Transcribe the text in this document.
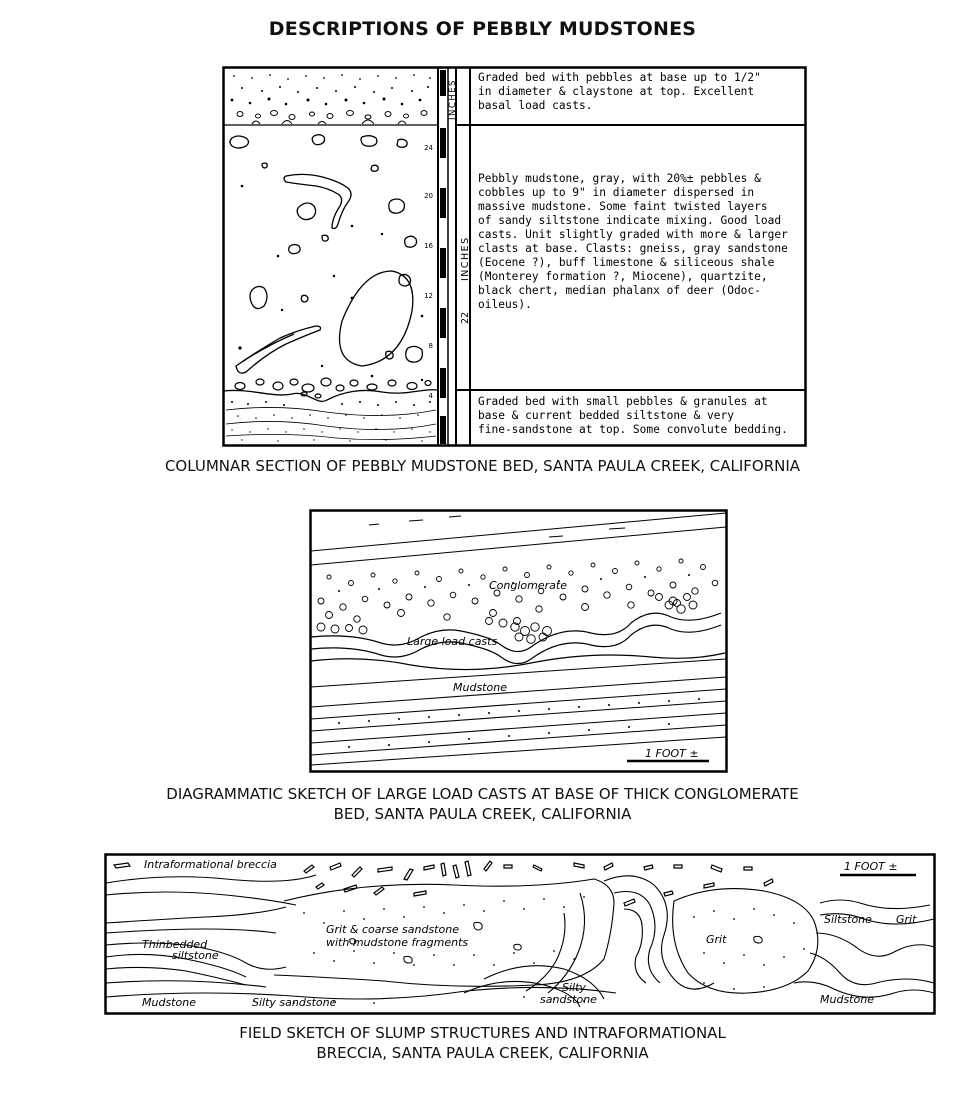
DESCRIPTIONS OF PEBBLY MUDSTONES
24
20
16
12
8
4
INCHES
INCHES
22
Graded bed with pebbles at base up to 1/2" in diameter & claystone at top. Excellent basal load casts.
Pebbly mudstone, gray, with 20%± pebbles & cobbles up to 9" in diameter dispersed in massive mudstone. Some faint twisted layers of sandy siltstone indicate mixing. Good load casts. Unit slightly graded with more & larger clasts at base. Clasts: gneiss, gray sandstone (Eocene ?), buff limestone & siliceous shale (Monterey formation ?, Miocene), quartzite, black chert, median phalanx of deer (Odoc- oileus).
Graded bed with small pebbles & granules at base & current bedded siltstone & very fine-sandstone at top. Some convolute bedding.
COLUMNAR SECTION OF PEBBLY MUDSTONE BED, SANTA PAULA CREEK, CALIFORNIA
1 FOOT ±
Conglomerate
Large load casts
Mudstone
DIAGRAMMATIC SKETCH OF LARGE LOAD CASTS AT BASE OF THICK CONGLOMERATE
BED, SANTA PAULA CREEK, CALIFORNIA
Intraformational breccia	1 FOOT ±
Grit & coarse sandstone
with mudstone fragments
Thinbedded
siltstone
Mudstone	Silty sandstone
Silty
sandstone
Grit
Siltstone Grit
Mudstone
FIELD SKETCH OF SLUMP STRUCTURES AND INTRAFORMATIONAL
BRECCIA, SANTA PAULA CREEK, CALIFORNIA
